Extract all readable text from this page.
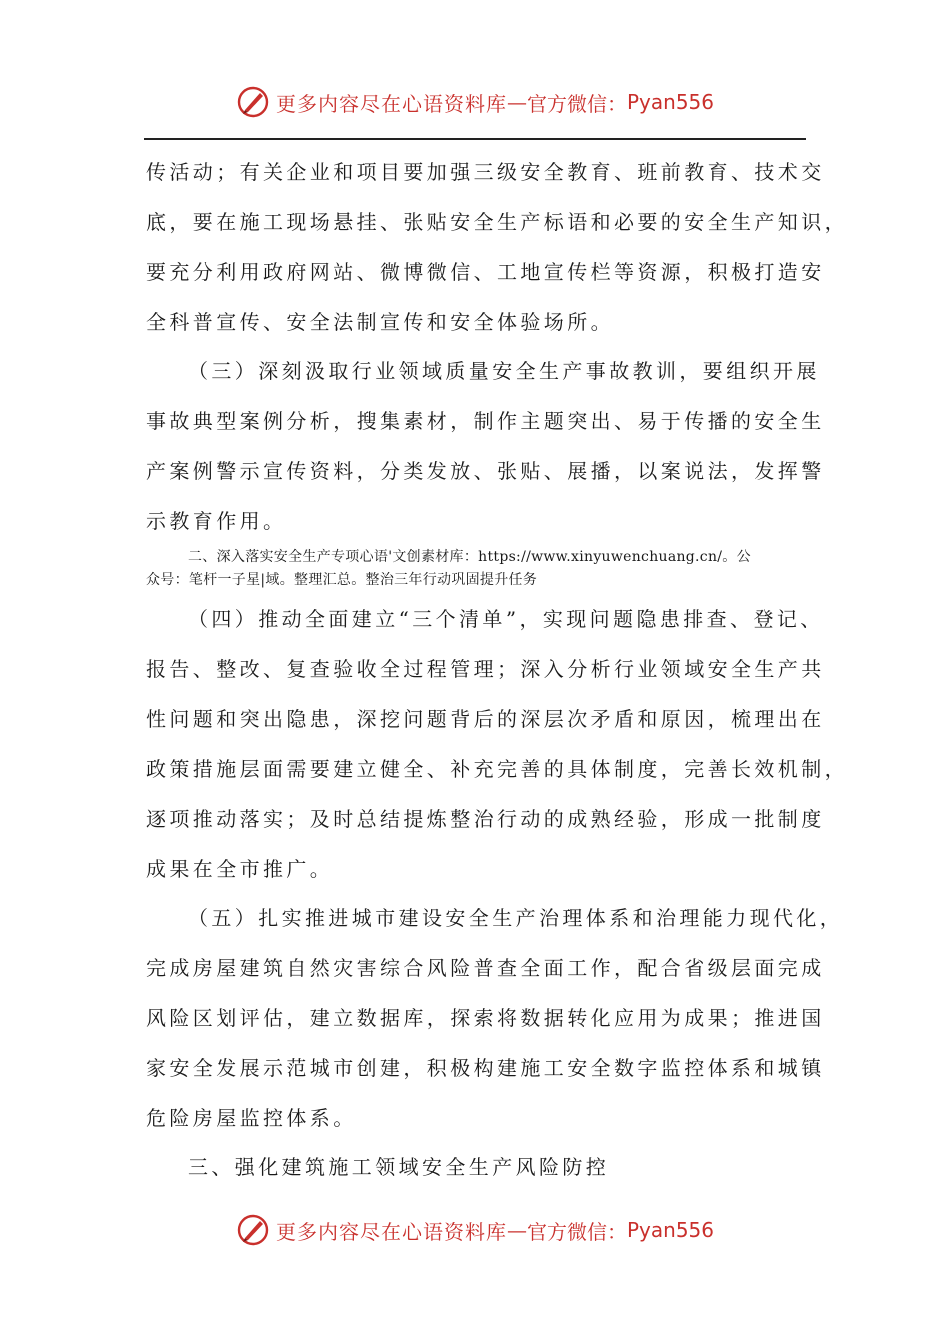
更多内容尽在心语资料库 — 官方微信： Pyan556
传活动；有关企业和项目要加强三级安全教育、班前教育、技术交
底，要在施工现场悬挂、张贴安全生产标语和必要的安全生产知识，
要充分利用政府网站、微博微信、工地宣传栏等资源，积极打造安
全科普宣传、安全法制宣传和安全体验场所。
（三）深刻汲取行业领域质量安全生产事故教训，要组织开展
事故典型案例分析，搜集素材，制作主题突出、易于传播的安全生
产案例警示宣传资料，分类发放、张贴、展播，以案说法，发挥警
示教育作用。
二、深入落实安全生产专项心语'文创素材库：https://www.xinyuwenchuang.cn/。公
众号：笔杆一子星|域。整理汇总。整治三年行动巩固提升任务
（四）推动全面建立“三个清单”，实现问题隐患排查、登记、
报告、整改、复查验收全过程管理；深入分析行业领域安全生产共
性问题和突出隐患，深挖问题背后的深层次矛盾和原因，梳理出在
政策措施层面需要建立健全、补充完善的具体制度，完善长效机制，
逐项推动落实；及时总结提炼整治行动的成熟经验，形成一批制度
成果在全市推广。
（五）扎实推进城市建设安全生产治理体系和治理能力现代化，
完成房屋建筑自然灾害综合风险普查全面工作，配合省级层面完成
风险区划评估，建立数据库，探索将数据转化应用为成果；推进国
家安全发展示范城市创建，积极构建施工安全数字监控体系和城镇
危险房屋监控体系。
三、强化建筑施工领域安全生产风险防控
更多内容尽在心语资料库 — 官方微信： Pyan556
